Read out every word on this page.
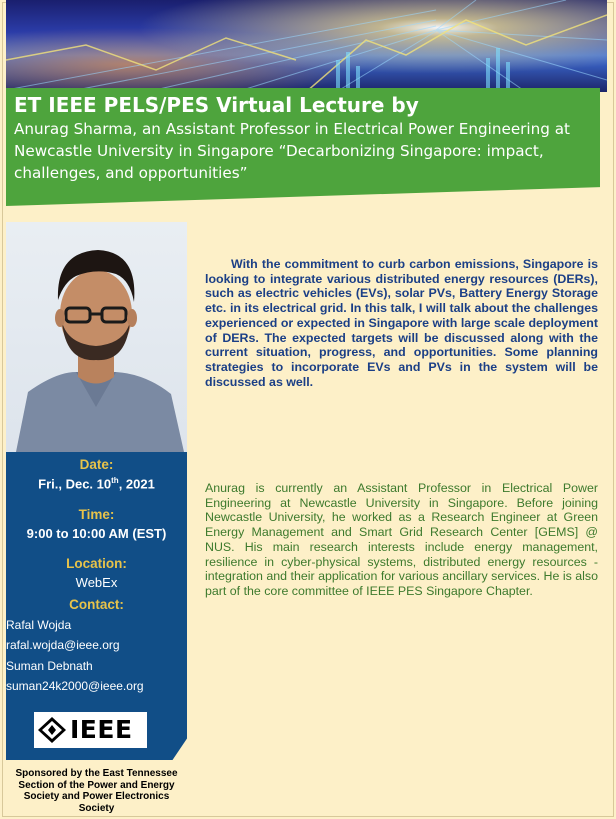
ET IEEE PELS/PES Virtual Lecture by
Anurag Sharma, an Assistant Professor in Electrical Power Engineering at Newcastle University in Singapore “Decarbonizing Singapore: impact, challenges, and opportunities”
Date:
Fri., Dec. 10th, 2021
Time:
9:00 to 10:00 AM (EST)
Location:
WebEx
Contact:
Rafal Wojda
rafal.wojda@ieee.org
Suman Debnath
suman24k2000@ieee.org
IEEE
Sponsored by the East Tennessee Section of the Power and Energy Society and Power Electronics Society
With the commitment to curb carbon emissions, Singapore is looking to integrate various distributed energy resources (DERs), such as electric vehicles (EVs), solar PVs, Battery Energy Storage etc. in its electrical grid. In this talk, I will talk about the challenges experienced or expected in Singapore with large scale deployment of DERs. The expected targets will be discussed along with the current situation, progress, and opportunities. Some planning strategies to incorporate EVs and PVs in the system will be discussed as well.
Anurag is currently an Assistant Professor in Electrical Power Engineering at Newcastle University in Singapore. Before joining Newcastle University, he worked as a Research Engineer at Green Energy Management and Smart Grid Research Center [GEMS] @ NUS. His main research interests include energy management, resilience in cyber-physical systems, distributed energy resources - integration and their application for various ancillary services. He is also part of the core committee of IEEE PES Singapore Chapter.
